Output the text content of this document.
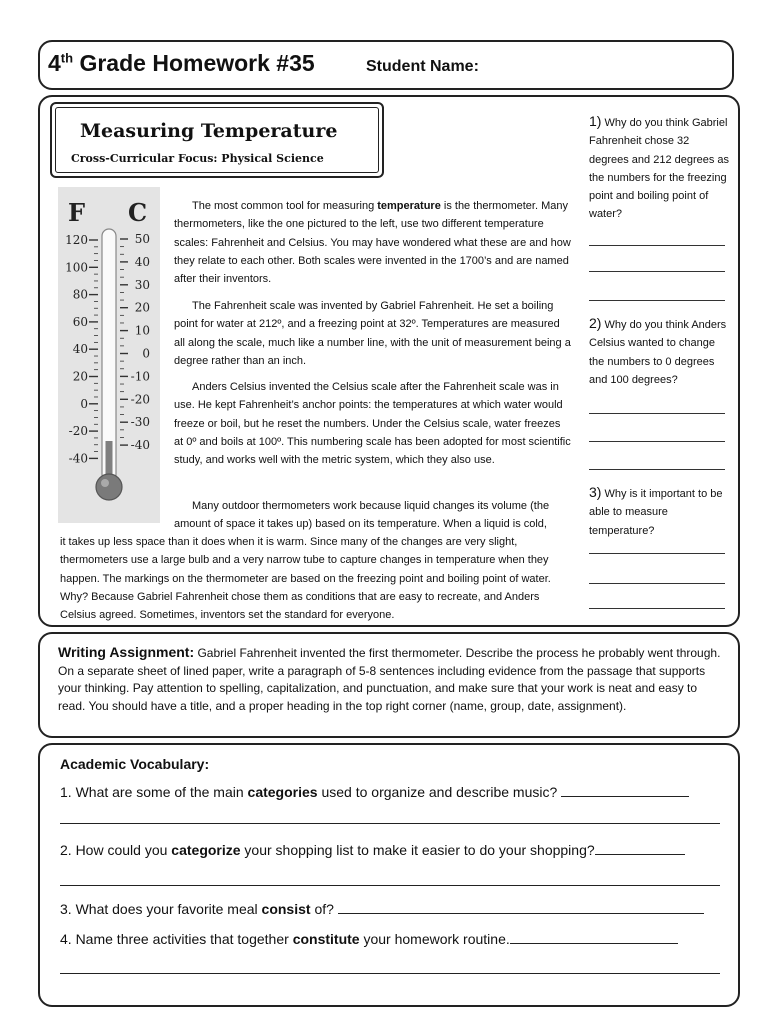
4th Grade Homework #35	Student Name:
Measuring Temperature
Cross-Curricular Focus: Physical Science
F C
120
100
80
60
40
20
0
-20
-40
50
40
30
20
10
0
-10
-20
-30
-40
The most common tool for measuring temperature is the thermometer. Many thermometers, like the one pictured to the left, use two different temperature scales: Fahrenheit and Celsius. You may have wondered what these are and how they relate to each other. Both scales were invented in the 1700’s and are named after their inventors.
The Fahrenheit scale was invented by Gabriel Fahrenheit. He set a boiling point for water at 212º, and a freezing point at 32º. Temperatures are measured all along the scale, much like a number line, with the unit of measurement being a degree rather than an inch.
Anders Celsius invented the Celsius scale after the Fahrenheit scale was in use. He kept Fahrenheit’s anchor points: the temperatures at which water would freeze or boil, but he reset the numbers. Under the Celsius scale, water freezes at 0º and boils at 100º. This numbering scale has been adopted for most scientific study, and works well with the metric system, which they also use.
Many outdoor thermometers work because liquid changes its volume (the amount of space it takes up) based on its temperature. When a liquid is cold,
it takes up less space than it does when it is warm. Since many of the changes are very slight, thermometers use a large bulb and a very narrow tube to capture changes in temperature when they happen. The markings on the thermometer are based on the freezing point and boiling point of water. Why? Because Gabriel Fahrenheit chose them as conditions that are easy to recreate, and Anders Celsius agreed. Sometimes, inventors set the standard for everyone.
1) Why do you think Gabriel Fahrenheit chose 32 degrees and 212 degrees as the numbers for the freezing point and boiling point of water?
2) Why do you think Anders Celsius wanted to change the numbers to 0 degrees and 100 degrees?
3) Why is it important to be able to measure temperature?
Writing Assignment: Gabriel Fahrenheit invented the first thermometer. Describe the process he probably went through. On a separate sheet of lined paper, write a paragraph of 5-8 sentences including evidence from the passage that supports your thinking. Pay attention to spelling, capitalization, and punctuation, and make sure that your work is neat and easy to read. You should have a title, and a proper heading in the top right corner (name, group, date, assignment).
Academic Vocabulary:
1. What are some of the main categories used to organize and describe music?
2. How could you categorize your shopping list to make it easier to do your shopping?
3. What does your favorite meal consist of?
4. Name three activities that together constitute your homework routine.
